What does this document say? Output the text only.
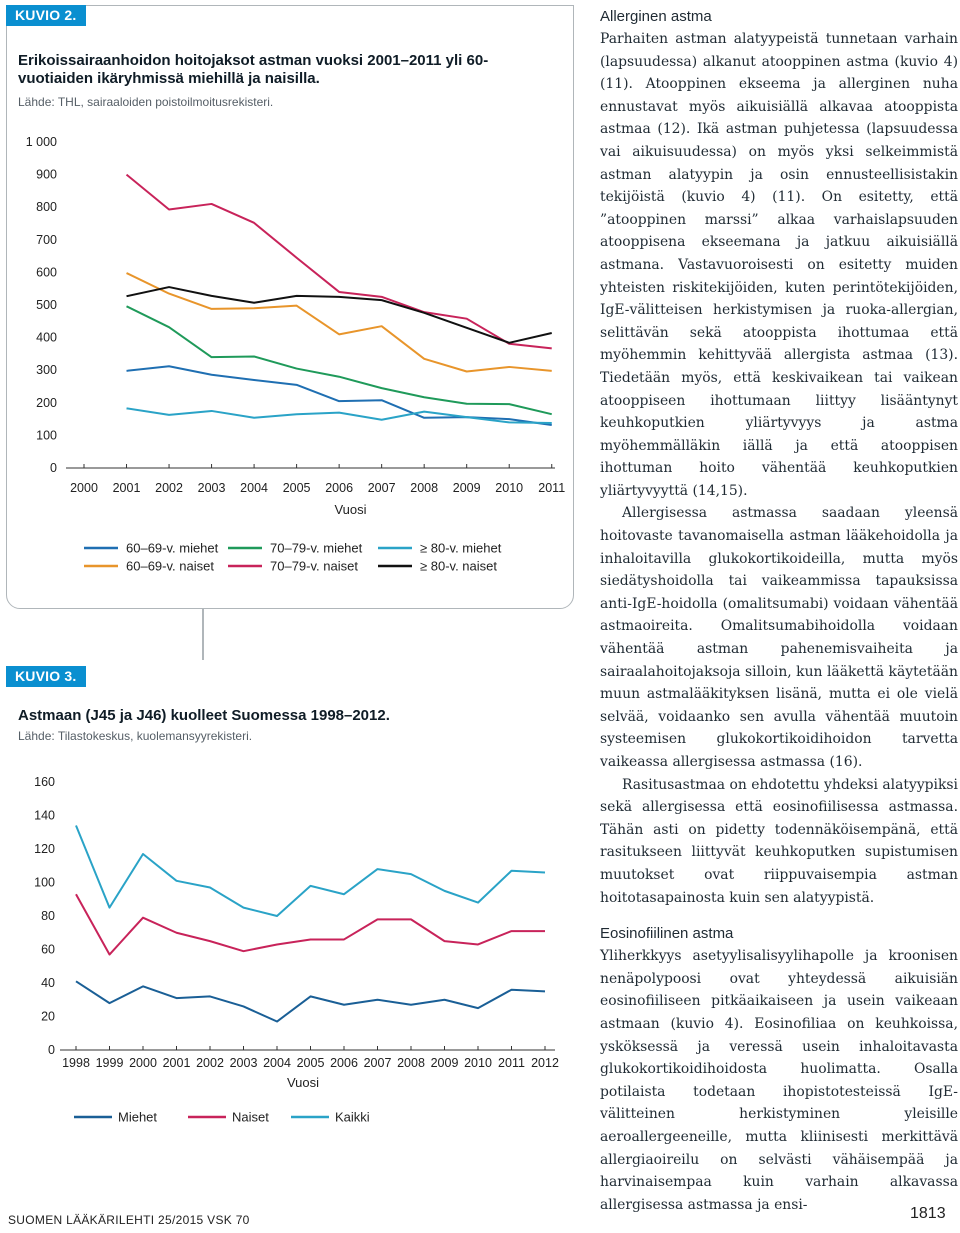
KUVIO 2.
Erikoissairaanhoidon hoitojaksot astman vuoksi 2001–2011 yli 60-vuotiaiden ikäryhmissä miehillä ja naisilla.
Lähde: THL, sairaaloiden poistoilmoitusrekisteri.
2000 2001 2002 2003 2004 2005 2006 2007 2008 2009 2010 2011
0
100
200
300
400
500
600
700
800
900
1 000
Vuosi
60–69-v. miehet	70–79-v. miehet	≥ 80-v. miehet
60–69-v. naiset	70–79-v. naiset	≥ 80-v. naiset
KUVIO 3.
Astmaan (J45 ja J46) kuolleet Suomessa 1998–2012.
Lähde: Tilastokeskus, kuolemansyyrekisteri.
1998 1999 2000 2001 2002 2003 2004 2005 2006 2007 2008 2009 2010 2011 2012
0
20
40
60
80
100
120
140
160
Vuosi
Miehet	Naiset	Kaikki
Allerginen astma

Parhaiten astman alatyypeistä tunnetaan varhain (lapsuudessa) alkanut atooppinen astma (kuvio 4) (11). Atooppinen ekseema ja allerginen nuha ennustavat myös aikuisiällä alkavaa atooppista astmaa (12). Ikä astman puhjetessa (lapsuudessa vai aikuisuudessa) on myös yksi selkeimmistä astman alatyypin ja osin ennusteellisistakin tekijöistä (kuvio 4) (11). On esitetty, että ”atooppinen marssi” alkaa varhaislapsuuden atooppisena ekseemana ja jatkuu aikuisiällä astmana. Vastavuoroisesti on esitetty muiden yhteisten riskitekijöiden, kuten perintötekijöiden, IgE-välitteisen herkistymisen ja ruoka-allergian, selittävän sekä atooppista ihottumaa että myöhemmin kehittyvää allergista astmaa (13). Tiedetään myös, että keskivaikean tai vaikean atooppiseen ihottumaan liittyy lisääntynyt keuhkoputkien yliärtyvyys ja astma myöhemmälläkin iällä ja että atooppisen ihottuman hoito vähentää keuhkoputkien yliärtyvyyttä (14,15).

Allergisessa astmassa saadaan yleensä hoitovaste tavanomaisella astman lääkehoidolla ja inhaloitavilla glukokortikoideilla, mutta myös siedätyshoidolla tai vaikeammissa tapauksissa anti-IgE-hoidolla (omalitsumabi) voidaan vähentää astmaoireita. Omalitsumabihoidolla voidaan vähentää astman pahenemisvaiheita ja sairaalahoitojaksoja silloin, kun lääkettä käytetään muun astmalääkityksen lisänä, mutta ei ole vielä selvää, voidaanko sen avulla vähentää muutoin systeemisen glukokortikoidihoidon tarvetta vaikeassa allergisessa astmassa (16).

Rasitusastmaa on ehdotettu yhdeksi alatyypiksi sekä allergisessa että eosinofiilisessa astmassa. Tähän asti on pidetty todennäköisempänä, että rasitukseen liittyvät keuhkoputken supistumisen muutokset ovat riippuvaisempia astman hoitotasapainosta kuin sen alatyypistä.

Eosinofiilinen astma

Yliherkkyys asetyylisalisyylihapolle ja kroonisen nenäpolypoosi ovat yhteydessä aikuisiän eosinofiiliseen pitkäaikaiseen ja usein vaikeaan astmaan (kuvio 4). Eosinofiliaa on keuhkoissa, ysköksessä ja veressä usein inhaloitavasta glukokortikoidihoidosta huolimatta. Osalla potilaista todetaan ihopistotesteissä IgE-välitteinen herkistyminen yleisille aeroallergeeneille, mutta kliinisesti merkittävä allergiaoireilu on selvästi vähäisempää ja harvinaisempaa kuin varhain alkavassa allergisessa astmassa ja ensi-

SUOMEN LÄÄKÄRILEHTI 25/2015 VSK 70	1813
